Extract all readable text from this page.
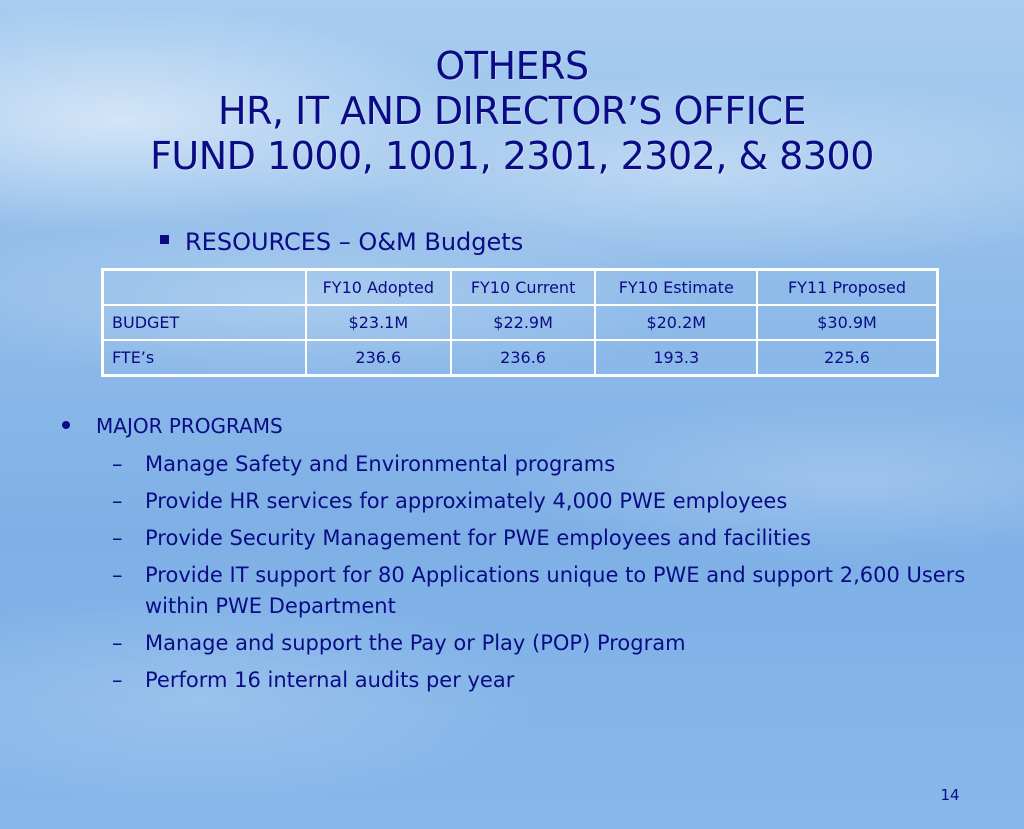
OTHERS
HR, IT AND DIRECTOR’S OFFICE
FUND 1000, 1001, 2301, 2302, & 8300
RESOURCES – O&M Budgets
	FY10 Adopted	FY10 Current	FY10 Estimate	FY11 Proposed
BUDGET	$23.1M	$22.9M	$20.2M	$30.9M
FTE’s	236.6	236.6	193.3	225.6
MAJOR PROGRAMS
– Manage Safety and Environmental programs
– Provide HR services for approximately 4,000 PWE employees
– Provide Security Management for PWE employees and facilities
– Provide IT support for 80 Applications unique to PWE and support 2,600 Users within PWE Department
– Manage and support the Pay or Play (POP) Program
– Perform 16 internal audits per year
14
